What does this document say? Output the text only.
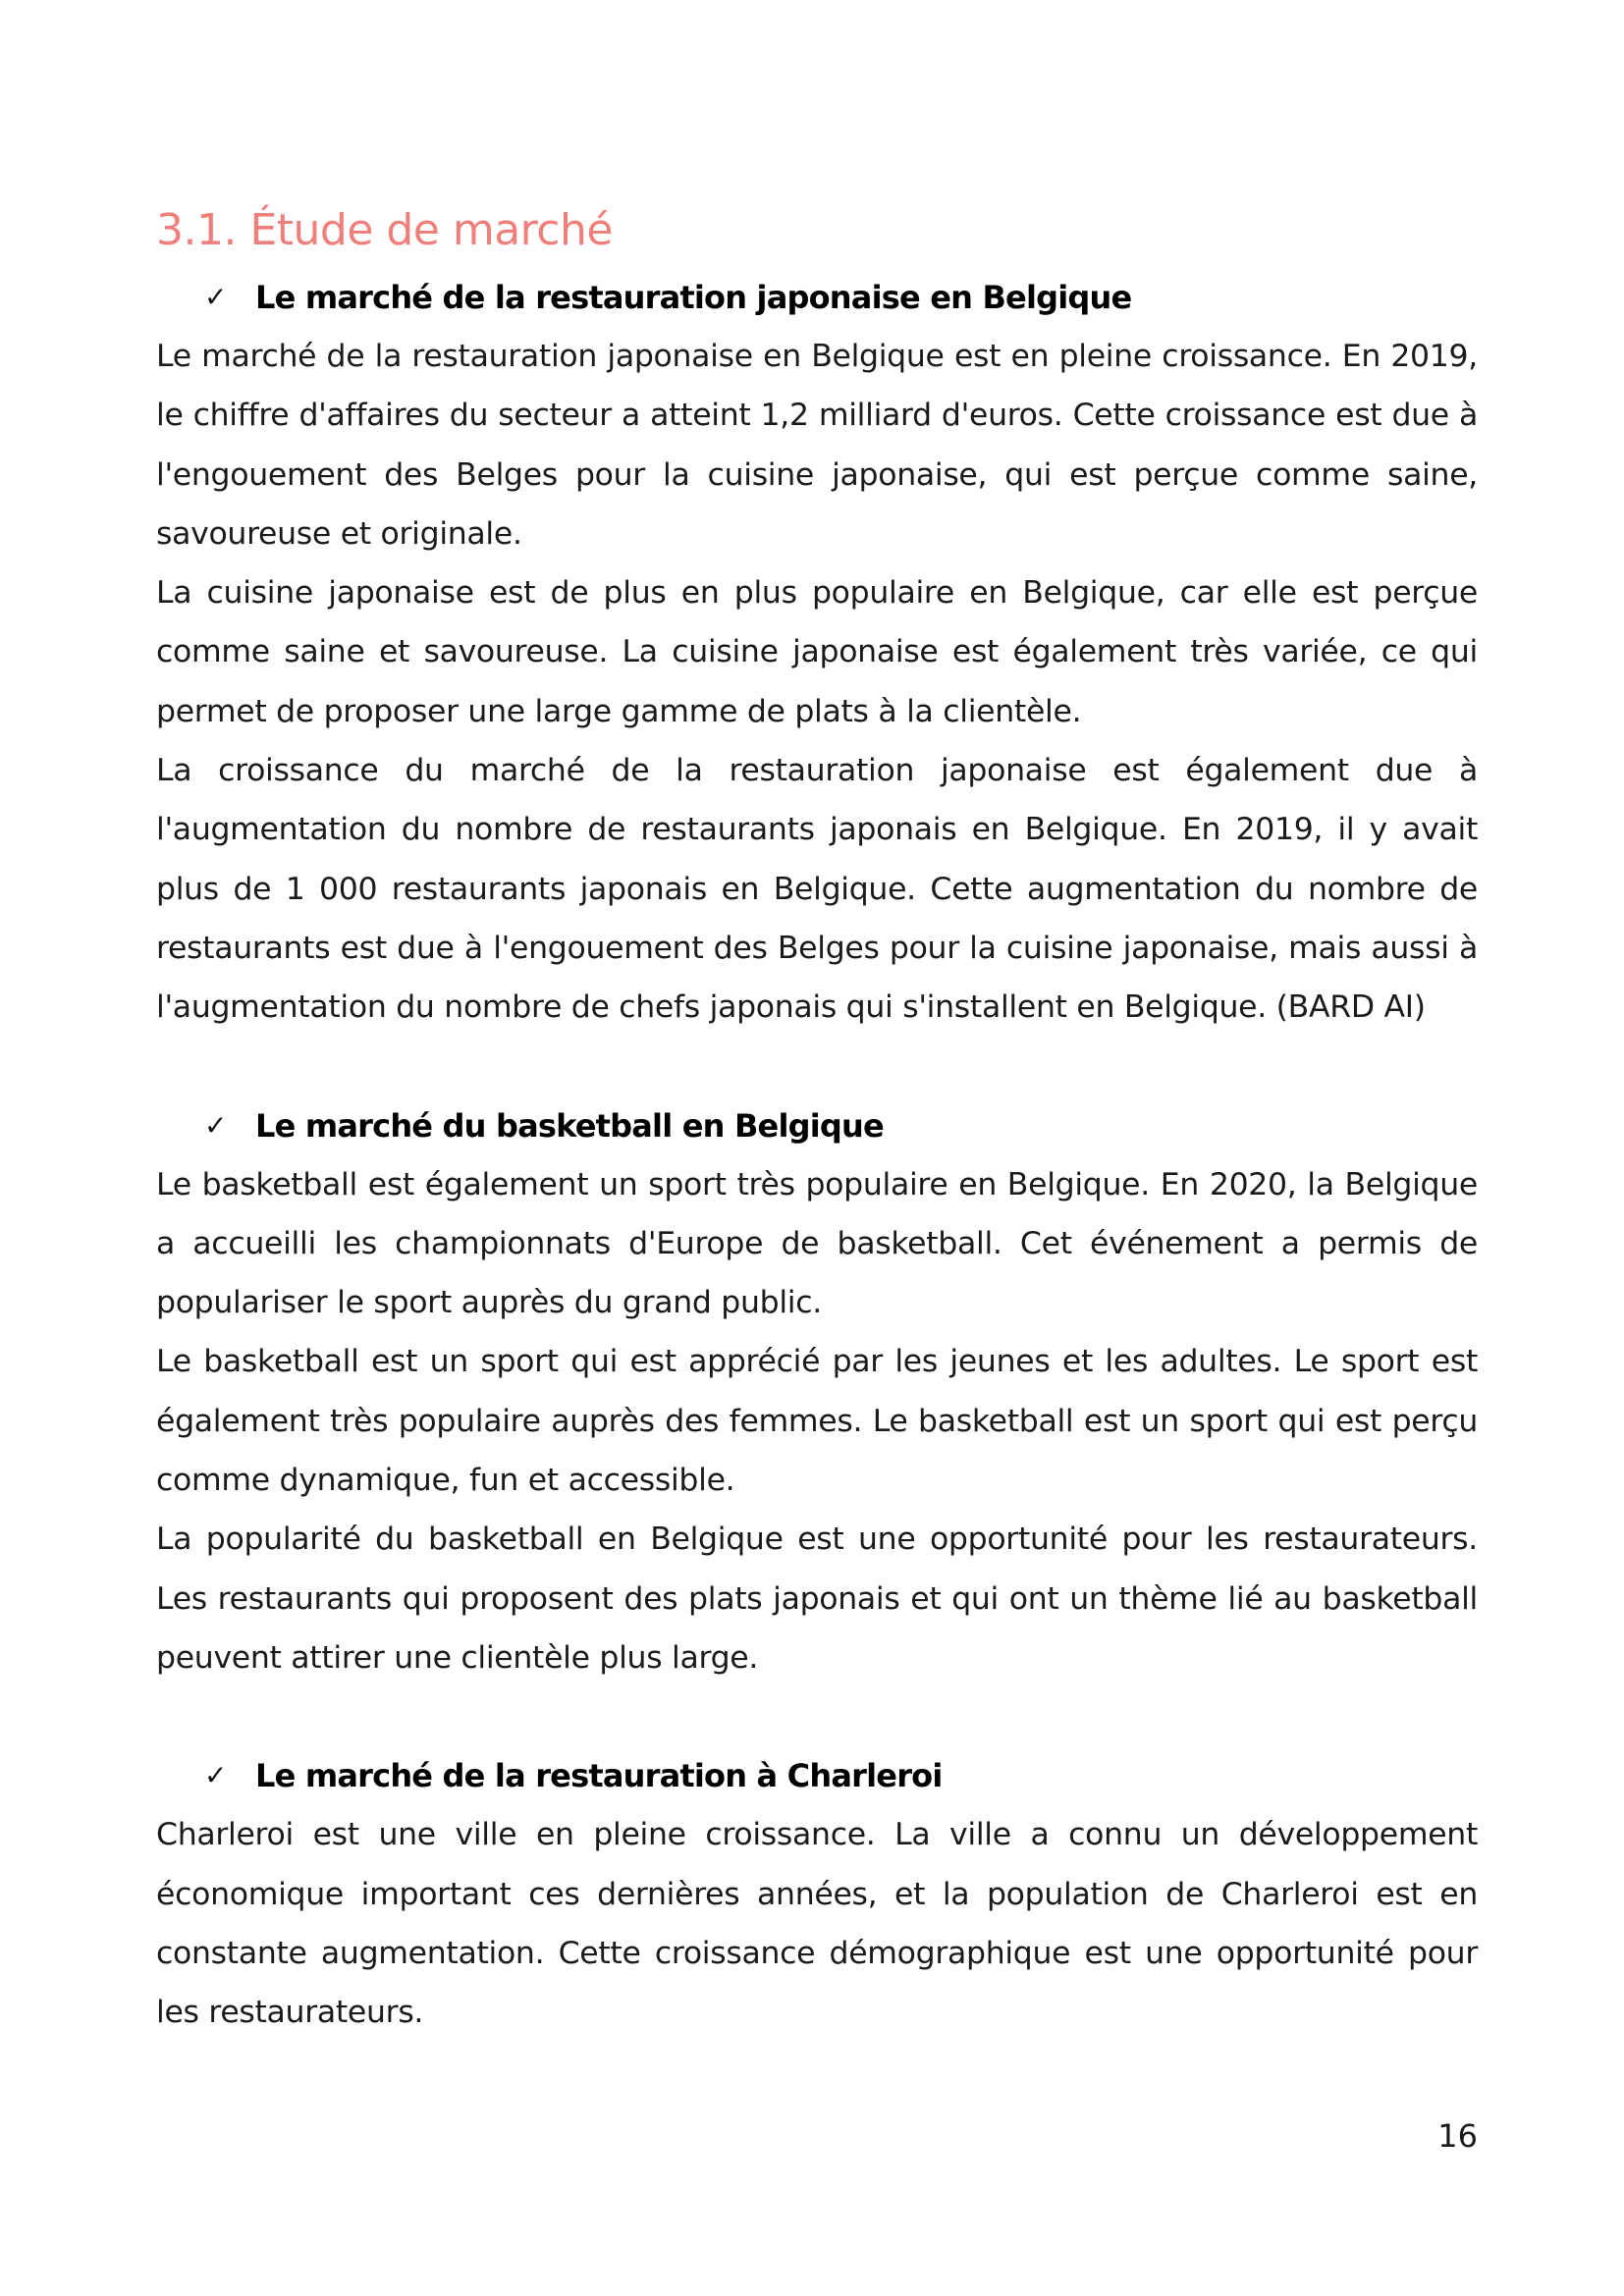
3.1. Étude de marché
✓ Le marché de la restauration japonaise en Belgique

Le marché de la restauration japonaise en Belgique est en pleine croissance. En 2019, le chiffre d'affaires du secteur a atteint 1,2 milliard d'euros. Cette croissance est due à l'engouement des Belges pour la cuisine japonaise, qui est perçue comme saine, savoureuse et originale.

La cuisine japonaise est de plus en plus populaire en Belgique, car elle est perçue comme saine et savoureuse. La cuisine japonaise est également très variée, ce qui permet de proposer une large gamme de plats à la clientèle.

La croissance du marché de la restauration japonaise est également due à l'augmentation du nombre de restaurants japonais en Belgique. En 2019, il y avait plus de 1 000 restaurants japonais en Belgique. Cette augmentation du nombre de restaurants est due à l'engouement des Belges pour la cuisine japonaise, mais aussi à l'augmentation du nombre de chefs japonais qui s'installent en Belgique. (BARD AI)

✓ Le marché du basketball en Belgique

Le basketball est également un sport très populaire en Belgique. En 2020, la Belgique a accueilli les championnats d'Europe de basketball. Cet événement a permis de populariser le sport auprès du grand public.

Le basketball est un sport qui est apprécié par les jeunes et les adultes. Le sport est également très populaire auprès des femmes. Le basketball est un sport qui est perçu comme dynamique, fun et accessible.

La popularité du basketball en Belgique est une opportunité pour les restaurateurs. Les restaurants qui proposent des plats japonais et qui ont un thème lié au basketball peuvent attirer une clientèle plus large.

✓ Le marché de la restauration à Charleroi

Charleroi est une ville en pleine croissance. La ville a connu un développement économique important ces dernières années, et la population de Charleroi est en constante augmentation. Cette croissance démographique est une opportunité pour les restaurateurs.

16
